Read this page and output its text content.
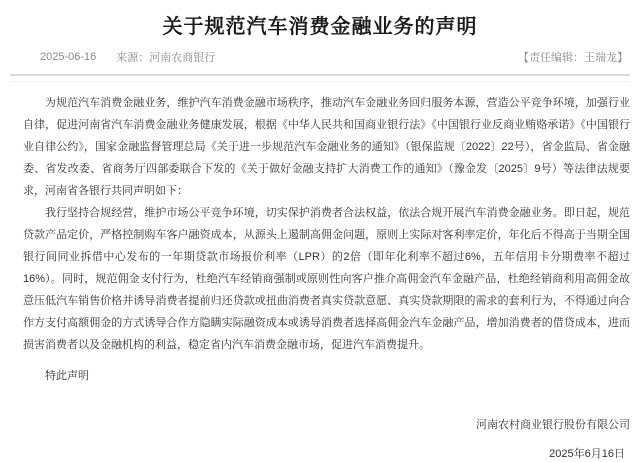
关于规范汽车消费金融业务的声明
2025-06-16 来源：河南农商银行	【责任编辑：王瑞龙】

为规范汽车消费金融业务，维护汽车消费金融市场秩序，推动汽车金融业务回归服务本源，营造公平竞争环境，加强行业自律，促进河南省汽车消费金融业务健康发展，根据《中华人民共和国商业银行法》《中国银行业反商业贿赂承诺》《中国银行业自律公约》，国家金融监督管理总局《关于进一步规范汽车金融业务的通知》（银保监规〔2022〕22号），省金监局、省金融委、省发改委、省商务厅四部委联合下发的《关于做好金融支持扩大消费工作的通知》（豫金发〔2025〕9号）等法律法规要求，河南省各银行共同声明如下：

我行坚持合规经营，维护市场公平竞争环境，切实保护消费者合法权益，依法合规开展汽车消费金融业务。即日起，规范贷款产品定价，严格控制购车客户融资成本，从源头上遏制高佣金问题，原则上实际对客利率定价，年化后不得高于当期全国银行间同业拆借中心发布的一年期贷款市场报价利率（LPR）的2倍（即年化利率不超过6%，五年信用卡分期费率不超过16%）。同时，规范佣金支付行为，杜绝汽车经销商强制或原则性向客户推介高佣金汽车金融产品，杜绝经销商利用高佣金故意压低汽车销售价格并诱导消费者提前归还贷款或扭曲消费者真实贷款意愿、真实贷款期限的需求的套利行为，不得通过向合作方支付高额佣金的方式诱导合作方隐瞒实际融资成本或诱导消费者选择高佣金汽车金融产品，增加消费者的借贷成本，进而损害消费者以及金融机构的利益，稳定省内汽车消费金融市场，促进汽车消费提升。

特此声明

河南农村商业银行股份有限公司

2025年6月16日
